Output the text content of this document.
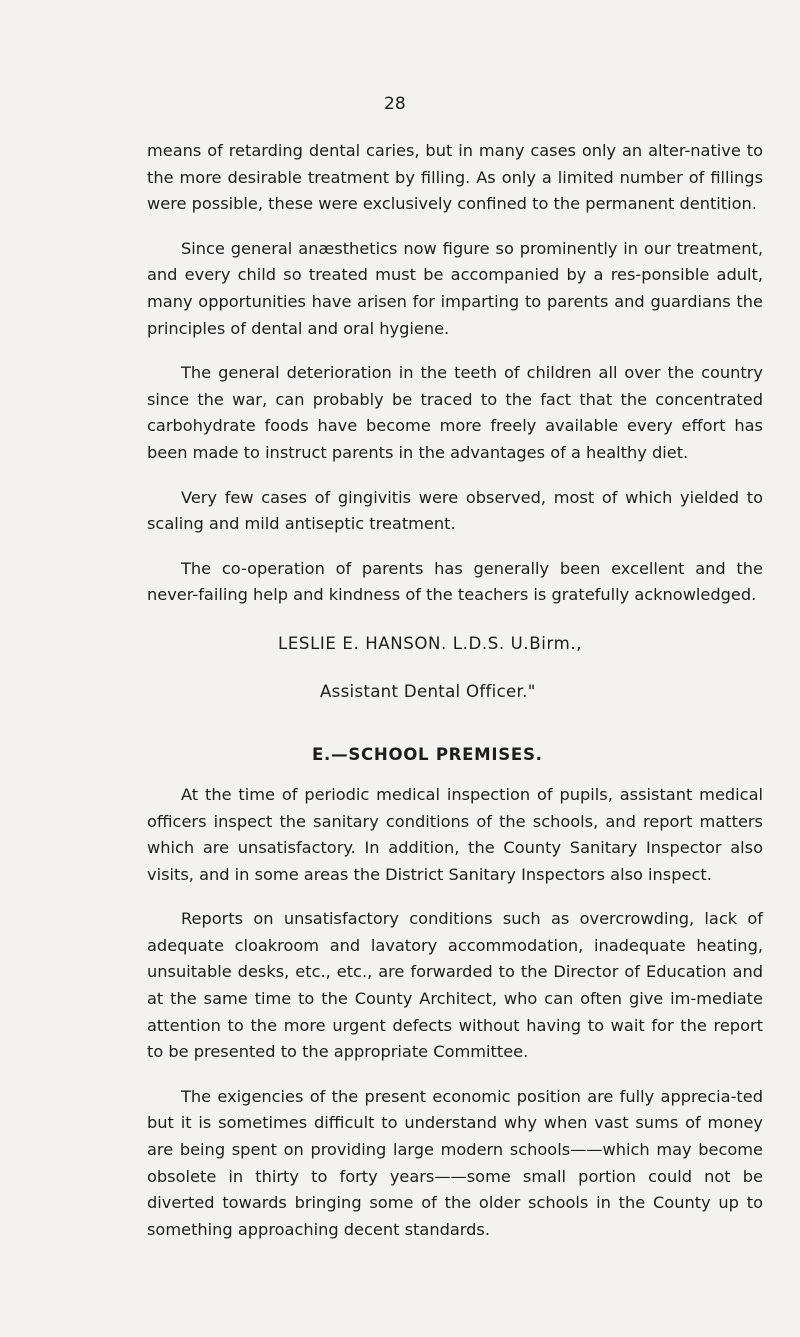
28

means of retarding dental caries, but in many cases only an alter-native to the more desirable treatment by filling. As only a limited number of fillings were possible, these were exclusively confined to the permanent dentition.

Since general anæsthetics now figure so prominently in our treatment, and every child so treated must be accompanied by a res-ponsible adult, many opportunities have arisen for imparting to parents and guardians the principles of dental and oral hygiene.

The general deterioration in the teeth of children all over the country since the war, can probably be traced to the fact that the concentrated carbohydrate foods have become more freely available every effort has been made to instruct parents in the advantages of a healthy diet.

Very few cases of gingivitis were observed, most of which yielded to scaling and mild antiseptic treatment.

The co-operation of parents has generally been excellent and the never-failing help and kindness of the teachers is gratefully acknowledged.

LESLIE E. HANSON. L.D.S. U.Birm.,
Assistant Dental Officer."
E.—SCHOOL PREMISES.

At the time of periodic medical inspection of pupils, assistant medical officers inspect the sanitary conditions of the schools, and report matters which are unsatisfactory. In addition, the County Sanitary Inspector also visits, and in some areas the District Sanitary Inspectors also inspect.

Reports on unsatisfactory conditions such as overcrowding, lack of adequate cloakroom and lavatory accommodation, inadequate heating, unsuitable desks, etc., etc., are forwarded to the Director of Education and at the same time to the County Architect, who can often give im-mediate attention to the more urgent defects without having to wait for the report to be presented to the appropriate Committee.

The exigencies of the present economic position are fully apprecia-ted but it is sometimes difficult to understand why when vast sums of money are being spent on providing large modern schools——which may become obsolete in thirty to forty years——some small portion could not be diverted towards bringing some of the older schools in the County up to something approaching decent standards.
